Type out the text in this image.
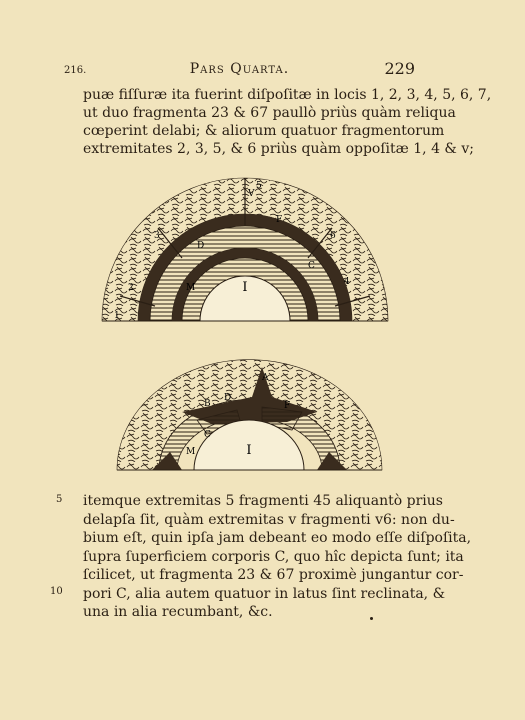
216.	Pars Quarta.	229
puæ fiſſuræ ita fuerint diſpoſitæ in locis 1, 2, 3, 4, 5, 6, 7,
ut duo fragmenta 23 & 67 paullò priùs quàm reliqua
cœperint delabi; & aliorum quatuor fragmentorum
extremitates 2, 3, 5, & 6 priùs quàm oppoſitæ 1, 4 & v;
I
V
F
D
C
M
3
2
6
4
5
1
I
A
B
D
C
M
F
5
10
itemque extremitas 5 fragmenti 45 aliquantò prius
delapſa ſit, quàm extremitas v fragmenti v6: non du-
bium eſt, quin ipſa jam debeant eo modo eſſe diſpoſita,
ſupra ſuperficiem corporis C, quo hîc depicta ſunt; ita
ſcilicet, ut fragmenta 23 & 67 proximè jungantur cor-
pori C, alia autem quatuor in latus ſint reclinata, &
una in alia recumbant, &c.
